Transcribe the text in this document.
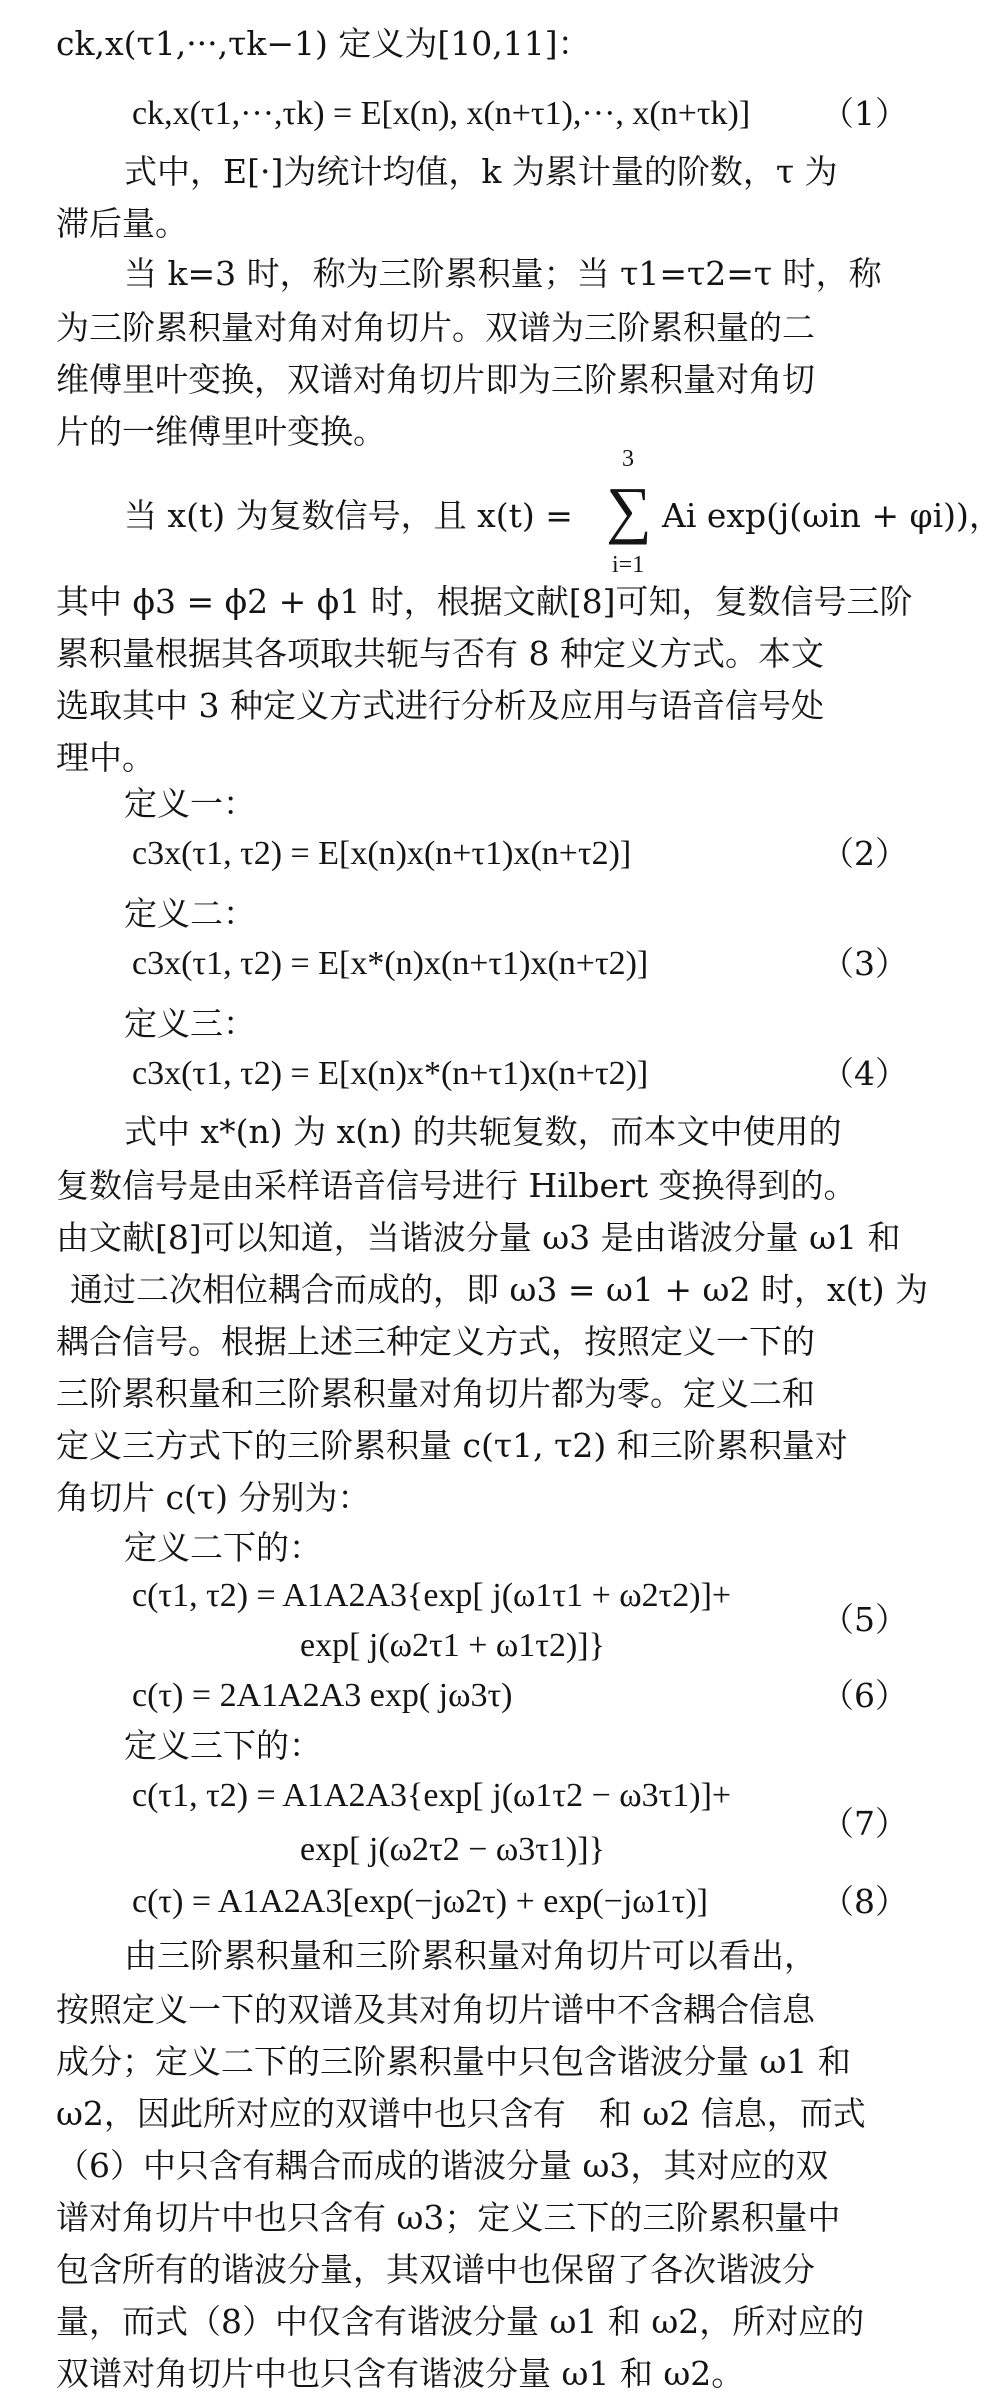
当 x(t) 为复数信号，且 x(t) =
3
∑
i=1
Ai exp(j(ωin + φi))，
ck,x(τ1,···,τk−1) 定义为[10,11]：
ck,x(τ1,···,τk) = E[x(n), x(n+τ1),···, x(n+τk)]
式中，E[·]为统计均值，k 为累计量的阶数，τ 为
滞后量。
当 k=3 时，称为三阶累积量；当 τ1=τ2=τ 时，称
为三阶累积量对角对角切片。双谱为三阶累积量的二
维傅里叶变换，双谱对角切片即为三阶累积量对角切
片的一维傅里叶变换。
其中 ϕ3 = ϕ2 + ϕ1 时，根据文献[8]可知，复数信号三阶
累积量根据其各项取共轭与否有 8 种定义方式。本文
选取其中 3 种定义方式进行分析及应用与语音信号处
理中。
定义一：
c3x(τ1, τ2) = E[x(n)x(n+τ1)x(n+τ2)]
定义二：
c3x(τ1, τ2) = E[x*(n)x(n+τ1)x(n+τ2)]
定义三：
c3x(τ1, τ2) = E[x(n)x*(n+τ1)x(n+τ2)]
式中 x*(n) 为 x(n) 的共轭复数，而本文中使用的
复数信号是由采样语音信号进行 Hilbert 变换得到的。
由文献[8]可以知道，当谐波分量 ω3 是由谐波分量 ω1 和
通过二次相位耦合而成的，即 ω3 = ω1 + ω2 时，x(t) 为
耦合信号。根据上述三种定义方式，按照定义一下的
三阶累积量和三阶累积量对角切片都为零。定义二和
定义三方式下的三阶累积量 c(τ1, τ2) 和三阶累积量对
角切片 c(τ) 分别为：
定义二下的：
c(τ1, τ2) = A1A2A3{exp[ j(ω1τ1 + ω2τ2)]+
exp[ j(ω2τ1 + ω1τ2)]}
c(τ) = 2A1A2A3 exp( jω3τ)
定义三下的：
c(τ1, τ2) = A1A2A3{exp[ j(ω1τ2 − ω3τ1)]+
exp[ j(ω2τ2 − ω3τ1)]}
c(τ) = A1A2A3[exp(−jω2τ) + exp(−jω1τ)]
由三阶累积量和三阶累积量对角切片可以看出，
按照定义一下的双谱及其对角切片谱中不含耦合信息
成分；定义二下的三阶累积量中只包含谐波分量 ω1 和
ω2，因此所对应的双谱中也只含有　和 ω2 信息，而式
（6）中只含有耦合而成的谐波分量 ω3，其对应的双
谱对角切片中也只含有 ω3；定义三下的三阶累积量中
包含所有的谐波分量，其双谱中也保留了各次谐波分
量，而式（8）中仅含有谐波分量 ω1 和 ω2，所对应的
双谱对角切片中也只含有谐波分量 ω1 和 ω2。
（1）
（2）
（3）
（4）
（5）
（6）
（7）
（8）
